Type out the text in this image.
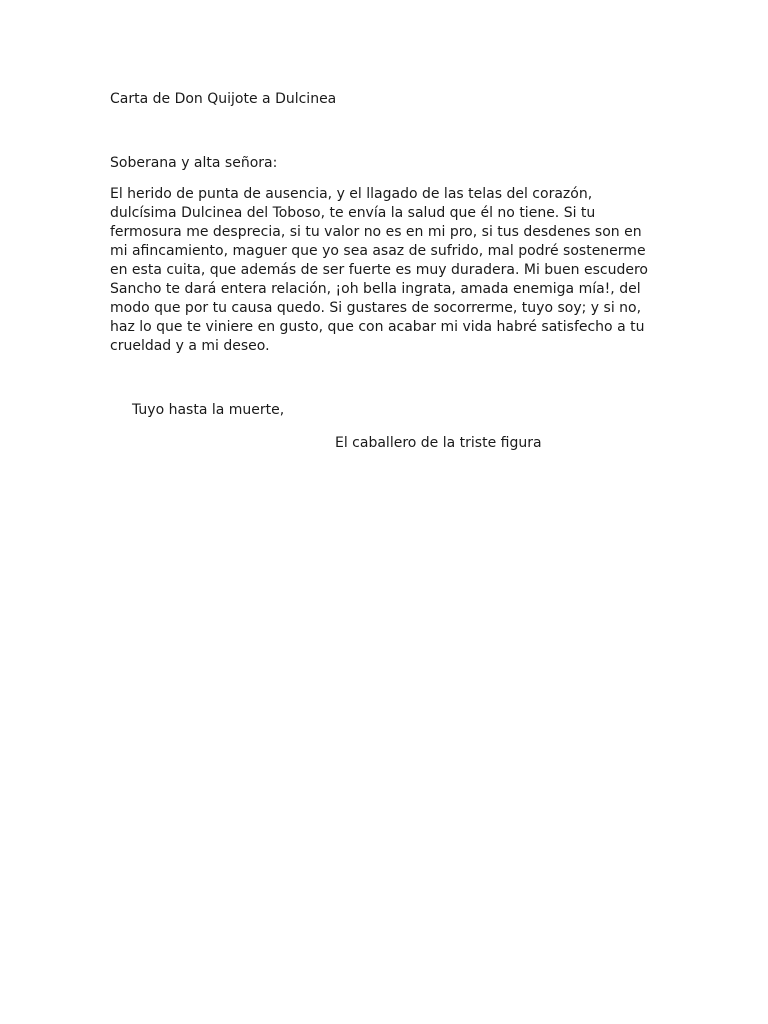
Carta de Don Quijote a Dulcinea
Soberana y alta señora:
El herido de punta de ausencia, y el llagado de las telas del corazón,
dulcísima Dulcinea del Toboso, te envía la salud que él no tiene. Si tu
fermosura me desprecia, si tu valor no es en mi pro, si tus desdenes son en
mi afincamiento, maguer que yo sea asaz de sufrido, mal podré sostenerme
en esta cuita, que además de ser fuerte es muy duradera. Mi buen escudero
Sancho te dará entera relación, ¡oh bella ingrata, amada enemiga mía!, del
modo que por tu causa quedo. Si gustares de socorrerme, tuyo soy; y si no,
haz lo que te viniere en gusto, que con acabar mi vida habré satisfecho a tu
crueldad y a mi deseo.
Tuyo hasta la muerte,
El caballero de la triste figura
